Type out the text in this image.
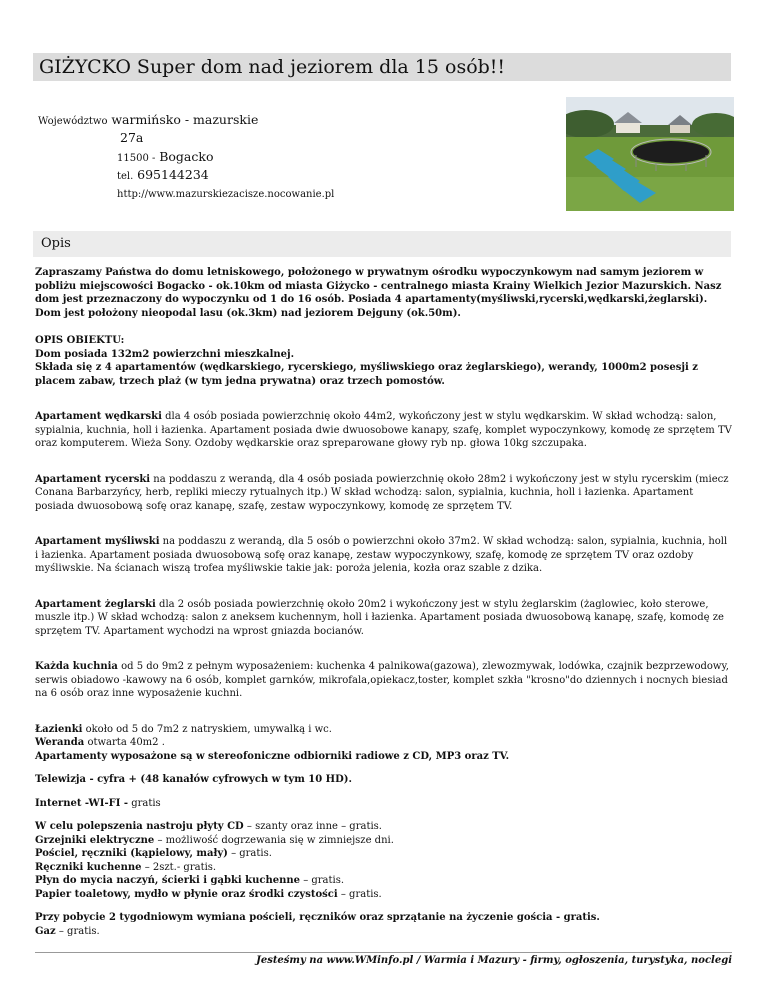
GIŻYCKO Super dom nad jeziorem dla 15 osób!!
Województwo warmińsko - mazurskie
27a
11500 - Bogacko
tel. 695144234
http://www.mazurskiezacisze.nocowanie.pl
Opis

Zapraszamy Państwa do domu letniskowego, położonego w prywatnym ośrodku wypoczynkowym nad samym jeziorem w pobliżu miejscowości Bogacko - ok.10km od miasta Giżycko - centralnego miasta Krainy Wielkich Jezior Mazurskich. Nasz dom jest przeznaczony do wypoczynku od 1 do 16 osób. Posiada 4 apartamenty(myśliwski,rycerski,wędkarski,żeglarski). Dom jest położony nieopodal lasu (ok.3km) nad jeziorem Dejguny (ok.50m).

OPIS OBIEKTU:
Dom posiada 132m2 powierzchni mieszkalnej.
Składa się z 4 apartamentów (wędkarskiego, rycerskiego, myśliwskiego oraz żeglarskiego), werandy, 1000m2 posesji z placem zabaw, trzech plaż (w tym jedna prywatna) oraz trzech pomostów.

Apartament wędkarski dla 4 osób posiada powierzchnię około 44m2, wykończony jest w stylu wędkarskim. W skład wchodzą: salon, sypialnia, kuchnia, holl i łazienka. Apartament posiada dwie dwuosobowe kanapy, szafę, komplet wypoczynkowy, komodę ze sprzętem TV oraz komputerem. Wieża Sony. Ozdoby wędkarskie oraz spreparowane głowy ryb np. głowa 10kg szczupaka.

Apartament rycerski na poddaszu z werandą, dla 4 osób posiada powierzchnię około 28m2 i wykończony jest w stylu rycerskim (miecz Conana Barbarzyńcy, herb, repliki mieczy rytualnych itp.) W skład wchodzą: salon, sypialnia, kuchnia, holl i łazienka. Apartament posiada dwuosobową sofę oraz kanapę, szafę, zestaw wypoczynkowy, komodę ze sprzętem TV.

Apartament myśliwski na poddaszu z werandą, dla 5 osób o powierzchni około 37m2. W skład wchodzą: salon, sypialnia, kuchnia, holl i łazienka. Apartament posiada dwuosobową sofę oraz kanapę, zestaw wypoczynkowy, szafę, komodę ze sprzętem TV oraz ozdoby myśliwskie. Na ścianach wiszą trofea myśliwskie takie jak: poroża jelenia, kozła oraz szable z dzika.

Apartament żeglarski dla 2 osób posiada powierzchnię około 20m2 i wykończony jest w stylu żeglarskim (żaglowiec, koło sterowe, muszle itp.) W skład wchodzą: salon z aneksem kuchennym, holl i łazienka. Apartament posiada dwuosobową kanapę, szafę, komodę ze sprzętem TV. Apartament wychodzi na wprost gniazda bocianów.

Każda kuchnia od 5 do 9m2 z pełnym wyposażeniem: kuchenka 4 palnikowa(gazowa), zlewozmywak, lodówka, czajnik bezprzewodowy, serwis obiadowo -kawowy na 6 osób, komplet garnków, mikrofala,opiekacz,toster, komplet szkła "krosno"do dziennych i nocnych biesiad na 6 osób oraz inne wyposażenie kuchni.

Łazienki około od 5 do 7m2 z natryskiem, umywalką i wc.
Weranda otwarta 40m2 .
Apartamenty wyposażone są w stereofoniczne odbiorniki radiowe z CD, MP3 oraz TV.

Telewizja - cyfra + (48 kanałów cyfrowych w tym 10 HD).

Internet -WI-FI - gratis

W celu polepszenia nastroju płyty CD – szanty oraz inne – gratis.
Grzejniki elektryczne – możliwość dogrzewania się w zimniejsze dni.
Pościel, ręczniki (kąpielowy, mały) – gratis.
Ręczniki kuchenne – 2szt.- gratis.
Płyn do mycia naczyń, ścierki i gąbki kuchenne – gratis.
Papier toaletowy, mydło w płynie oraz środki czystości – gratis.

Przy pobycie 2 tygodniowym wymiana pościeli, ręczników oraz sprzątanie na życzenie gościa - gratis.
Gaz – gratis.

Jesteśmy na www.WMinfo.pl / Warmia i Mazury - firmy, ogłoszenia, turystyka, noclegi
